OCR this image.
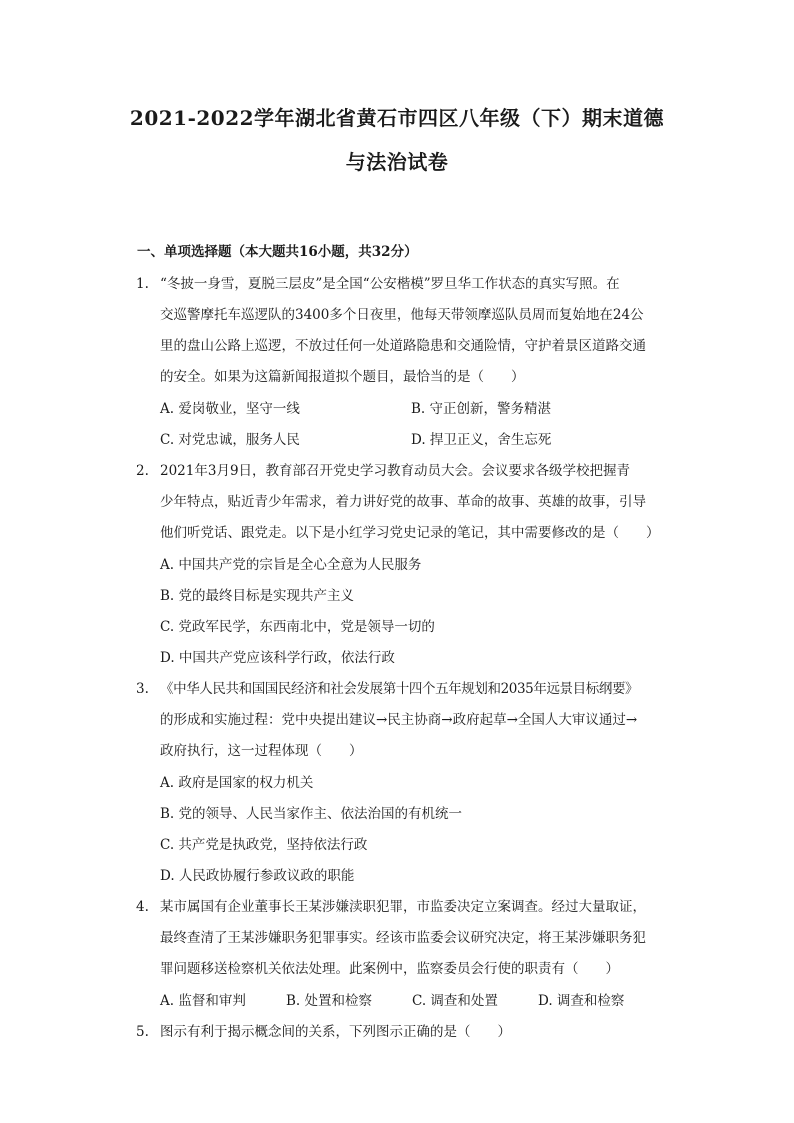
2021-2022学年湖北省黄石市四区八年级（下）期末道德
与法治试卷
一、单项选择题（本大题共16小题，共32分）
1. “冬披一身雪，夏脱三层皮”是全国“公安楷模”罗旦华工作状态的真实写照。在
交巡警摩托车巡逻队的3400多个日夜里，他每天带领摩巡队员周而复始地在24公
里的盘山公路上巡逻，不放过任何一处道路隐患和交通险情，守护着景区道路交通
的安全。如果为这篇新闻报道拟个题目，最恰当的是（　　）
A. 爱岗敬业，坚守一线	B. 守正创新，警务精湛
C. 对党忠诚，服务人民	D. 捍卫正义，舍生忘死
2. 2021年3月9日，教育部召开党史学习教育动员大会。会议要求各级学校把握青
少年特点，贴近青少年需求，着力讲好党的故事、革命的故事、英雄的故事，引导
他们听党话、跟党走。以下是小红学习党史记录的笔记，其中需要修改的是（　　）
A. 中国共产党的宗旨是全心全意为人民服务
B. 党的最终目标是实现共产主义
C. 党政军民学，东西南北中，党是领导一切的
D. 中国共产党应该科学行政，依法行政
3. 《中华人民共和国国民经济和社会发展第十四个五年规划和2035年远景目标纲要》
的形成和实施过程：党中央提出建议→民主协商→政府起草→全国人大审议通过→
政府执行，这一过程体现（　　）
A. 政府是国家的权力机关
B. 党的领导、人民当家作主、依法治国的有机统一
C. 共产党是执政党，坚持依法行政
D. 人民政协履行参政议政的职能
4. 某市属国有企业董事长王某涉嫌渎职犯罪，市监委决定立案调查。经过大量取证，
最终查清了王某涉嫌职务犯罪事实。经该市监委会议研究决定，将王某涉嫌职务犯
罪问题移送检察机关依法处理。此案例中，监察委员会行使的职责有（　　）
A. 监督和审判	B. 处置和检察	C. 调查和处置	D. 调查和检察
5. 图示有利于揭示概念间的关系，下列图示正确的是（　　）
